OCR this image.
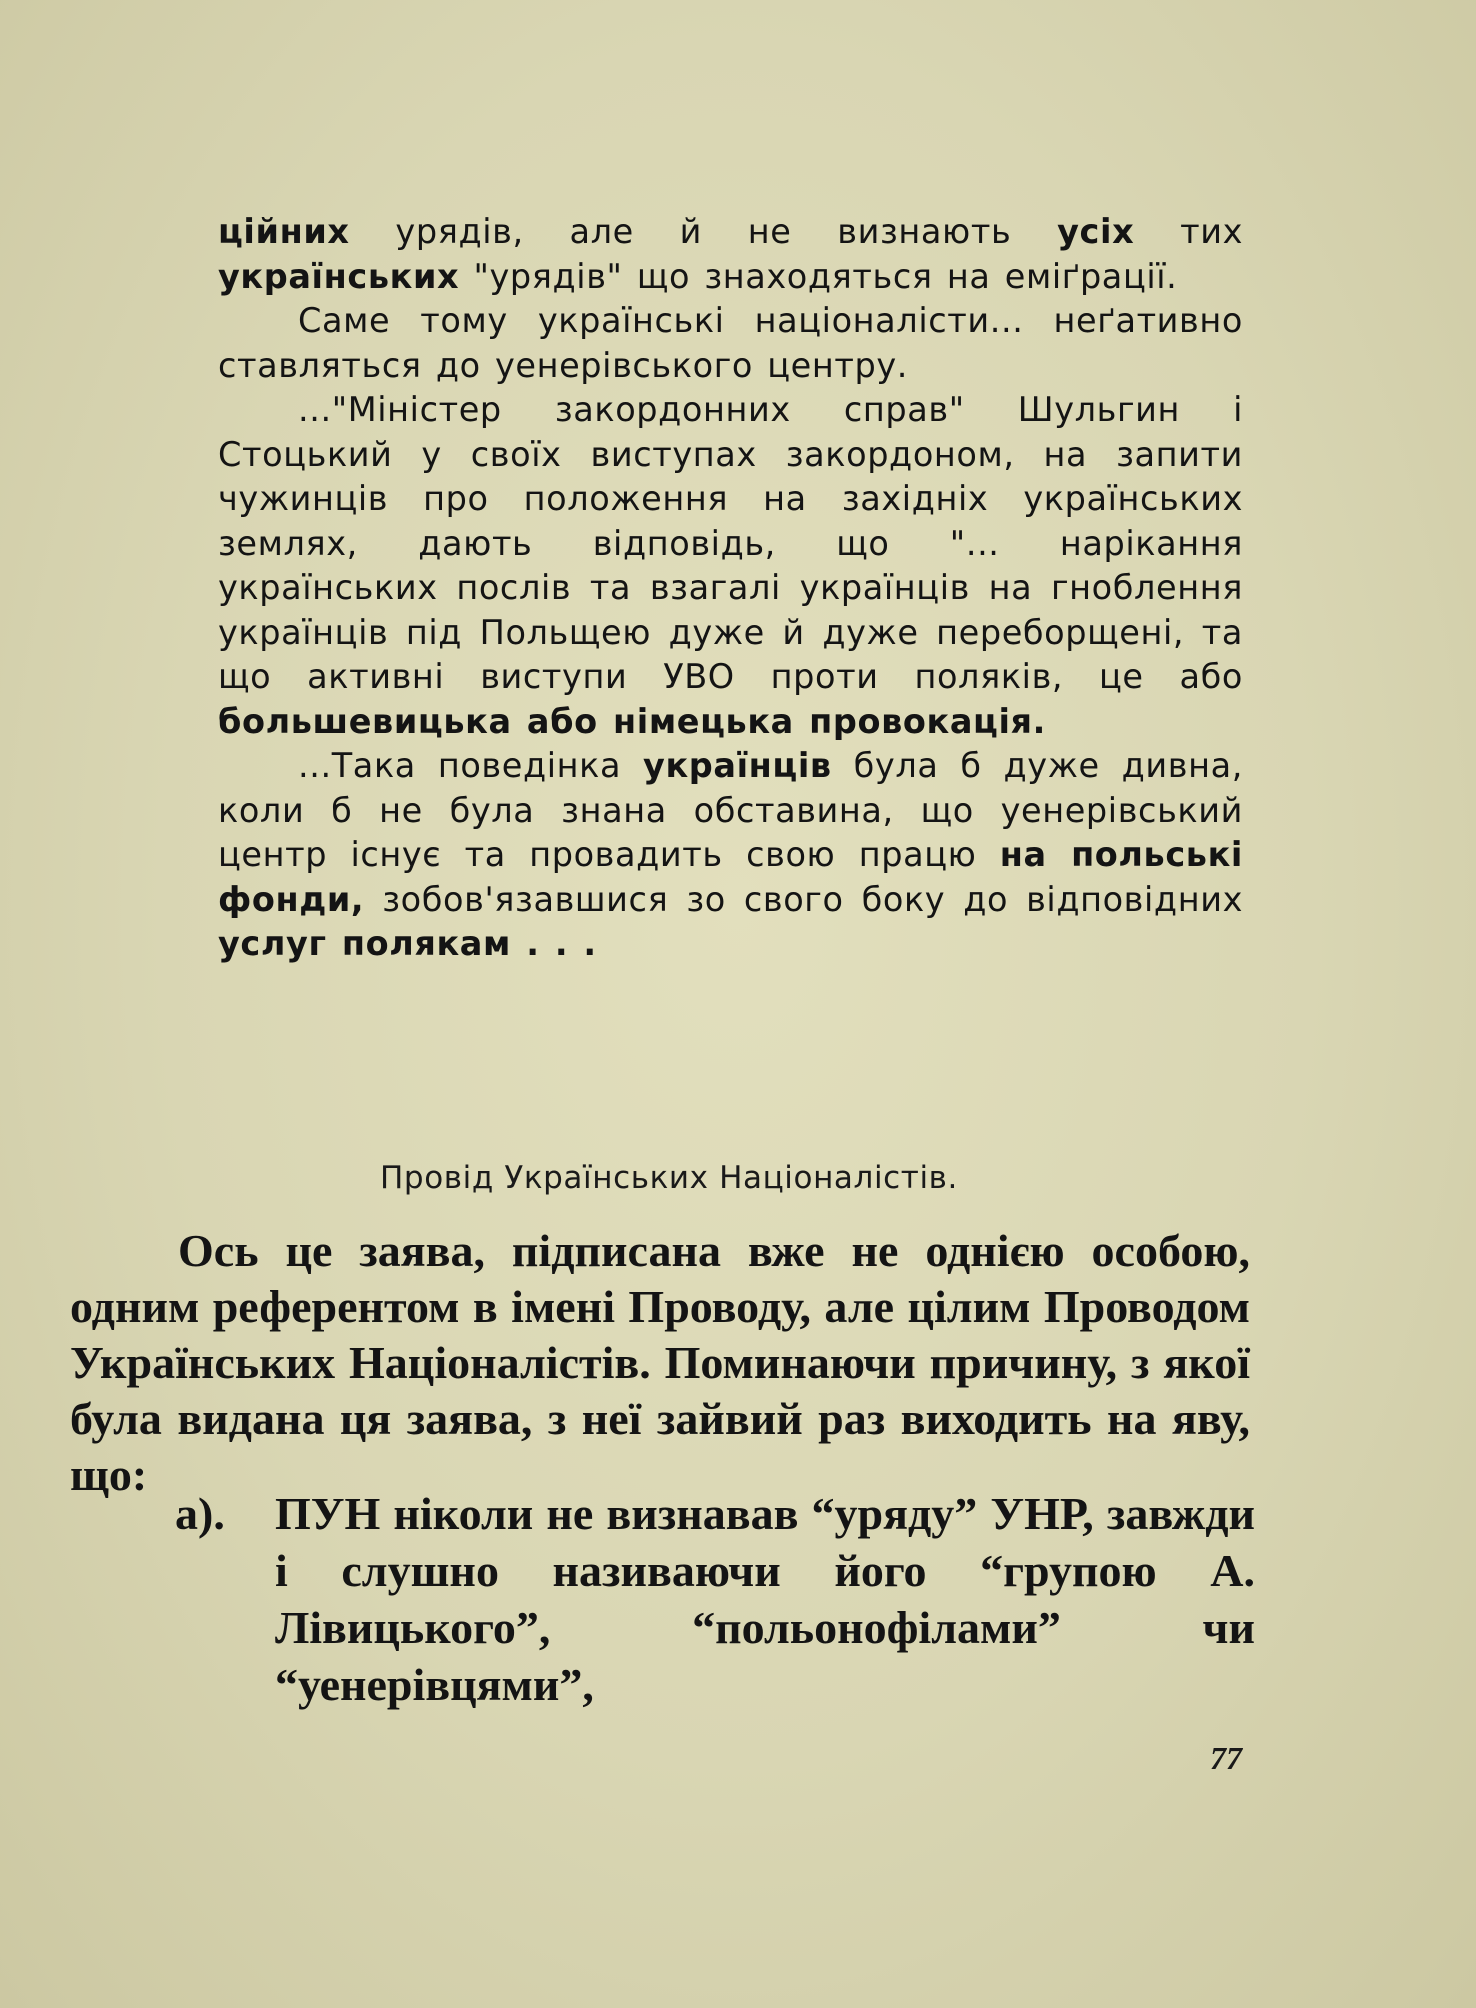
ційних урядів, але й не визнають усіх тих українських "урядів" що знаходяться на еміґрації.

Саме тому українські націоналісти... неґативно ставляться до уенерівського центру.

..."Міністер закордонних справ" Шульгин і Стоцький у своїх виступах закордоном, на запити чужинців про положення на західніх українських землях, дають відповідь, що "... нарікання українських послів та взагалі українців на гноблення українців під Польщею дуже й дуже переборщені, та що активні виступи УВО проти поляків, це або большевицька або німецька провокація.

...Така поведінка українців була б дуже дивна, коли б не була знана обставина, що уенерівський центр існує та провадить свою працю на польські фонди, зобов'язавшися зо свого боку до відповідних услуг полякам . . .

Провід Українських Націоналістів.

Ось це заява, підписана вже не однією особою, одним референтом в імені Проводу, але цілим Проводом Українських Націоналістів. Поминаючи причину, з якої була видана ця заява, з неї зайвий раз виходить на яву, що:

а). ПУН ніколи не визнавав “уряду” УНР, завжди і слушно називаючи його “групою А. Лівицького”, “польонофілами” чи “уенерівцями”,
77
